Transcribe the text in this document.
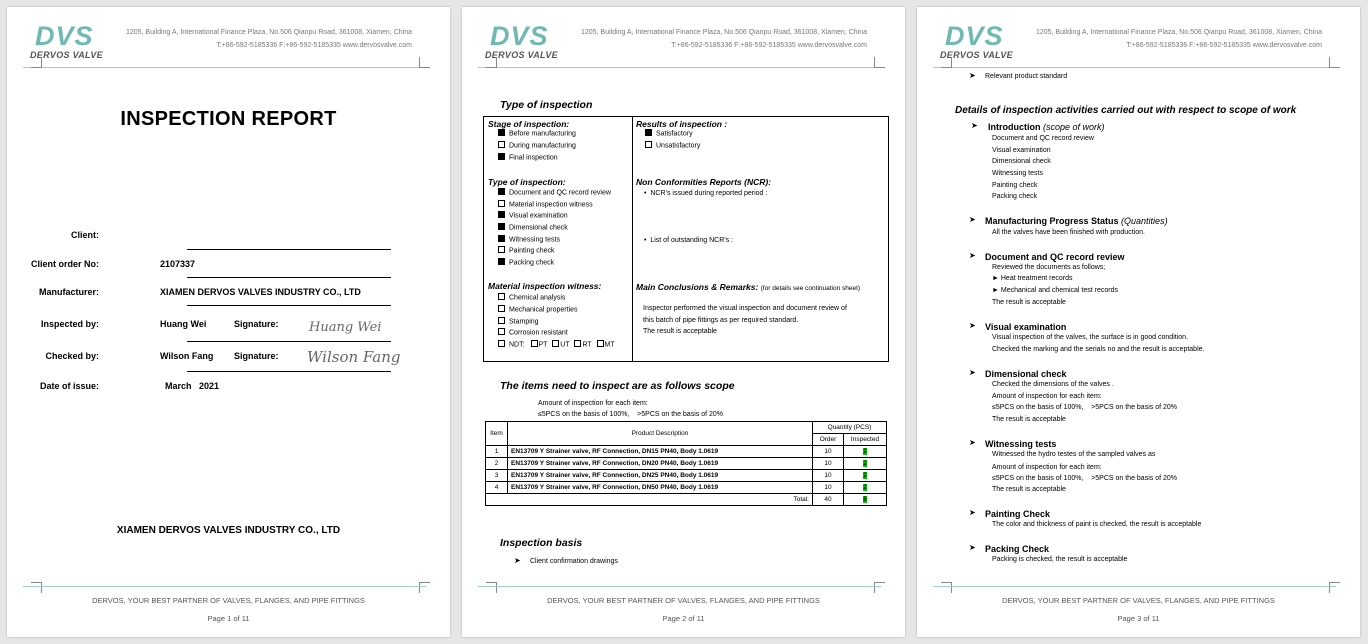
DVS
DERVOS VALVE
1205, Building A, International Finance Plaza, No.506 Qianpu Road, 361008, Xiamen, China
T:+86-592-5185336 F:+86-592-5185335 www.dervosvalve.com
INSPECTION REPORT
Client:
Client order No:	2107337
Manufacturer:	XIAMEN DERVOS VALVES INDUSTRY CO., LTD
Inspected by:	Huang Wei	Signature: Huang Wei
Checked by:	Wilson Fang Signature: Wilson Fang
Date of issue:	March   2021
XIAMEN DERVOS VALVES INDUSTRY CO., LTD
DERVOS, YOUR BEST PARTNER OF VALVES, FLANGES, AND PIPE FITTINGS
Page 1 of 11
DVS
DERVOS VALVE
1205, Building A, International Finance Plaza, No.506 Qianpu Road, 361008, Xiamen, China
T:+86-592-5185336 F:+86-592-5185335 www.dervosvalve.com
Type of inspection
Stage of inspection:
Before manufacturing
During manufacturing
Final inspection
Type of inspection:
Document and QC record review
Material inspection witness
Visual examination
Dimensional check
Witnessing tests
Painting check
Packing check
Material inspection witness:
Chemical analysis
Mechanical properties
Stamping
Corrosion resistant
NDT: PT UT RT MT
Results of inspection :
Satisfactory
Unsatisfactory
Non Conformities Reports (NCR):
•  NCR’s issued during reported period :
•  List of outstanding NCR’s :
Main Conclusions & Remarks: (for details see continuation sheet)
Inspector performed the visual inspection and document review of
this batch of pipe fittings as per required standard.
The result is acceptable
The items need to inspect are as follows scope
Amount of inspection for each item:
≤5PCS on the basis of 100%,    >5PCS on the basis of 20%
Item	Product Description	Quantity (PCS)	
		Order	Inspected
1	EN13709 Y Strainer valve, RF Connection, DN15 PN40, Body 1.0619	10	2
2	EN13709 Y Strainer valve, RF Connection, DN20 PN40, Body 1.0619	10	2
3	EN13709 Y Strainer valve, RF Connection, DN25 PN40, Body 1.0619	10	2
4	EN13709 Y Strainer valve, RF Connection, DN50 PN40, Body 1.0619	10	2
Total:		40	8
Inspection basis
➤ Client confirmation drawings
DERVOS, YOUR BEST PARTNER OF VALVES, FLANGES, AND PIPE FITTINGS
Page 2 of 11
DVS
DERVOS VALVE
1205, Building A, International Finance Plaza, No.506 Qianpu Road, 361008, Xiamen, China
T:+86-592-5185336 F:+86-592-5185335 www.dervosvalve.com
➤ Relevant product standard
Details of inspection activities carried out with respect to scope of work
➤ Introduction (scope of work)
Document and QC record review
Visual examination
Dimensional check
Witnessing tests
Painting check
Packing check
➤ Manufacturing Progress Status (Quantities)
All the valves have been finished with production.
➤ Document and QC record review
Reviewed the documents as follows;
► Heat treatment records
► Mechanical and chemical test records
The result is acceptable
➤ Visual examination
Visual inspection of the valves, the surface is in good condition.
Checked the marking and the serials no and the result is acceptable.
➤ Dimensional check
Checked the dimensions of the valves .
Amount of inspection for each item:
≤5PCS on the basis of 100%,    >5PCS on the basis of 20%
The result is acceptable
➤ Witnessing tests
Witnessed the hydro testes of the sampled valves as
Amount of inspection for each item:
≤5PCS on the basis of 100%,    >5PCS on the basis of 20%
The result is acceptable
➤ Painting Check
The color and thickness of paint is checked, the result is acceptable
➤ Packing Check
Packing is checked, the result is acceptable
DERVOS, YOUR BEST PARTNER OF VALVES, FLANGES, AND PIPE FITTINGS
Page 3 of 11
